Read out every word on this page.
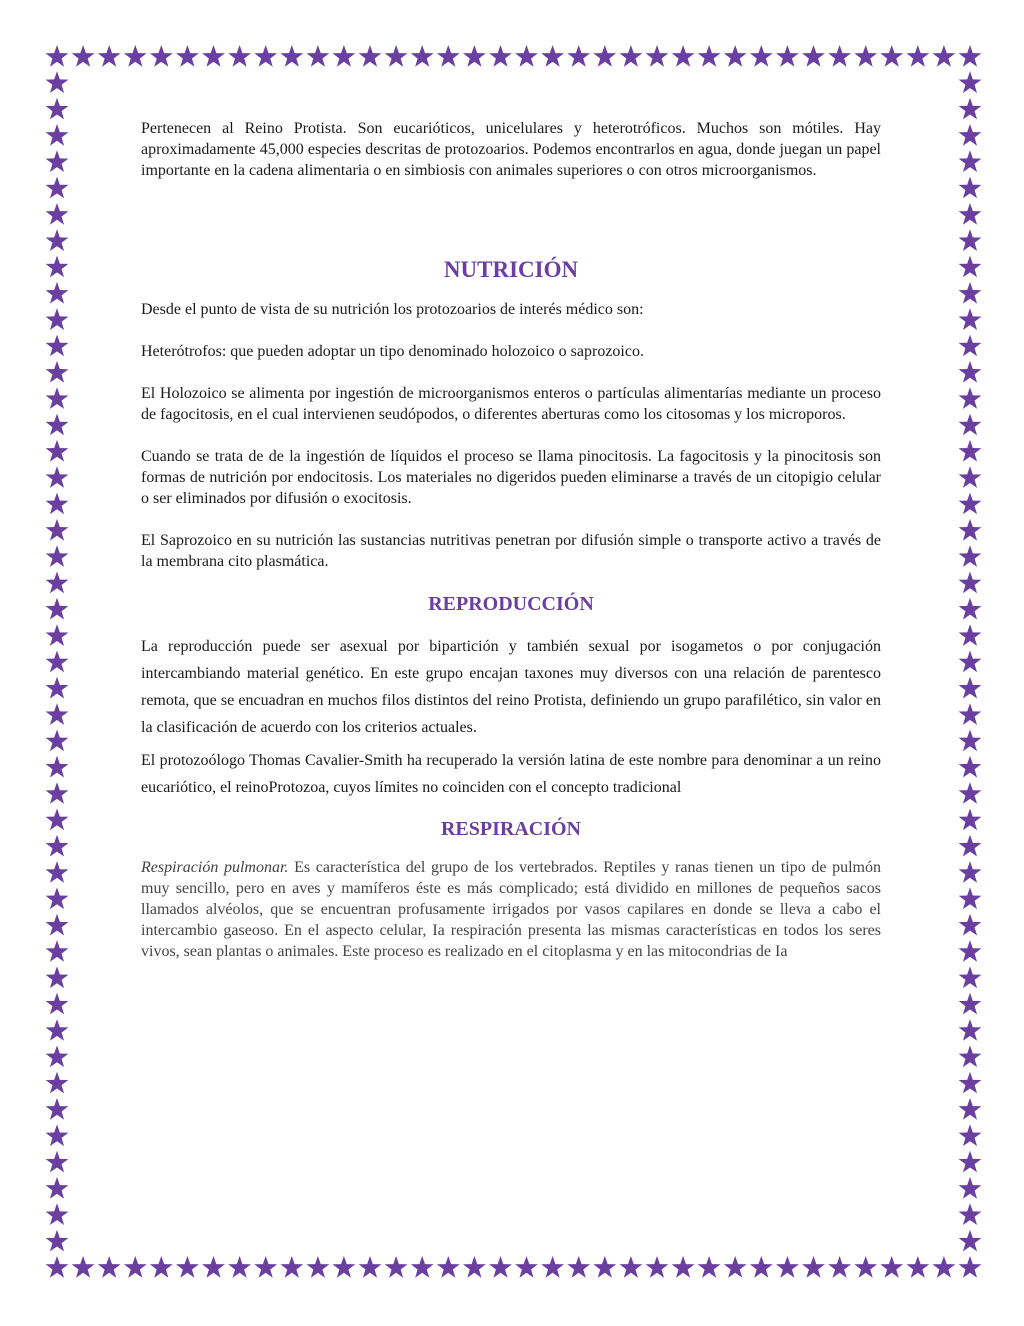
Pertenecen al Reino Protista. Son eucarióticos, unicelulares y heterotróficos. Muchos son mótiles. Hay aproximadamente 45,000 especies descritas de protozoarios. Podemos encontrarlos en agua, donde juegan un papel importante en la cadena alimentaria o en simbiosis con animales superiores o con otros microorganismos.

NUTRICIÓN

Desde el punto de vista de su nutrición los protozoarios de interés médico son:

Heterótrofos: que pueden adoptar un tipo denominado holozoico o saprozoico.

El Holozoico se alimenta por ingestión de microorganismos enteros o partículas alimentarías mediante un proceso de fagocitosis, en el cual intervienen seudópodos, o diferentes aberturas como los citosomas y los microporos.

Cuando se trata de de la ingestión de líquidos el proceso se llama pinocitosis. La fagocitosis y la pinocitosis son formas de nutrición por endocitosis. Los materiales no digeridos pueden eliminarse a través de un citopigio celular o ser eliminados por difusión o exocitosis.

El Saprozoico en su nutrición las sustancias nutritivas penetran por difusión simple o transporte activo a través de la membrana cito plasmática.

REPRODUCCIÓN

La reproducción puede ser asexual por bipartición y también sexual por isogametos o por conjugación intercambiando material genético. En este grupo encajan taxones muy diversos con una relación de parentesco remota, que se encuadran en muchos filos distintos del reino Protista, definiendo un grupo parafilético, sin valor en la clasificación de acuerdo con los criterios actuales.

El protozoólogo Thomas Cavalier-Smith ha recuperado la versión latina de este nombre para denominar a un reino eucariótico, el reinoProtozoa, cuyos límites no coinciden con el concepto tradicional

RESPIRACIÓN

Respiración pulmonar. Es característica del grupo de los vertebrados. Reptiles y ranas tienen un tipo de pulmón muy sencillo, pero en aves y mamíferos éste es más complicado; está dividido en millones de pequeños sacos llamados alvéolos, que se encuentran profusamente irrigados por vasos capilares en donde se lleva a cabo el intercambio gaseoso. En el aspecto celular, Ia respiración presenta las mismas características en todos los seres vivos, sean plantas o animales. Este proceso es realizado en el citoplasma y en las mitocondrias de Ia
